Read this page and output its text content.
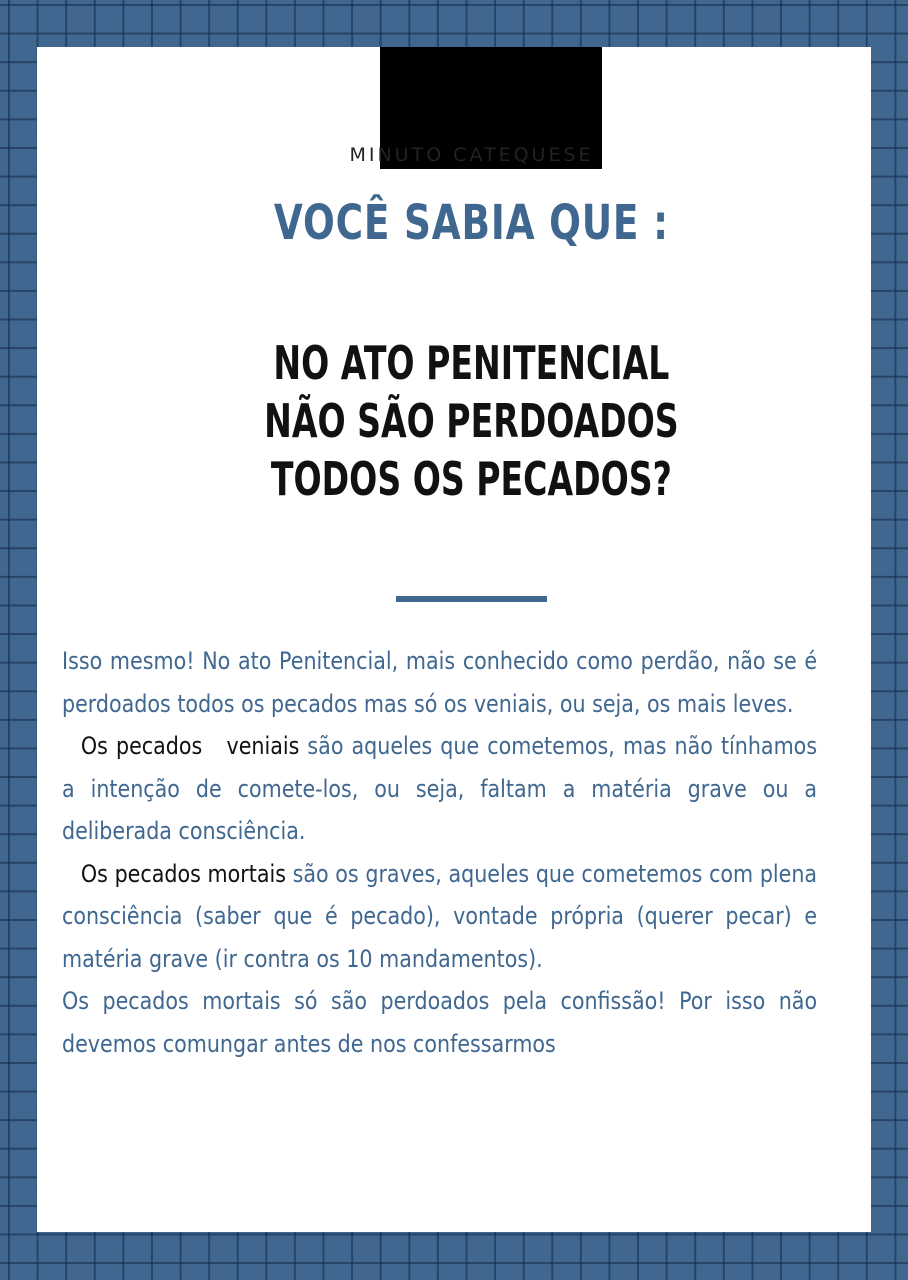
MINUTO CATEQUESE
VOCÊ SABIA QUE :
NO ATO PENITENCIAL
NÃO SÃO PERDOADOS
TODOS OS PECADOS?

Isso mesmo! No ato Penitencial, mais conhecido como perdão, não se é perdoados todos os pecados mas só os veniais, ou seja, os mais leves.

Os pecados   veniais são aqueles que cometemos, mas não tínhamos a intenção de comete-los, ou seja, faltam a matéria grave ou a deliberada consciência.

Os pecados mortais são os graves, aqueles que cometemos com plena consciência (saber que é pecado), vontade própria (querer pecar) e matéria grave (ir contra os 10 mandamentos).

Os pecados mortais só são perdoados pela confissão! Por isso não devemos comungar antes de nos confessarmos
